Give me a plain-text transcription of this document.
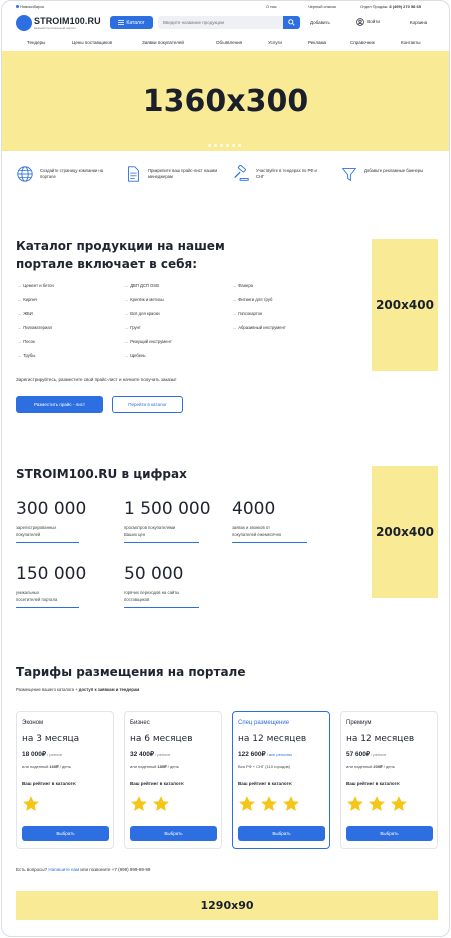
Новосибирск	О нас	Черный список	Отдел Продаж: 8 (499) 270 58 65
STROIM100.RU
важный строительный портал
Каталог
Введите название продукции	Добавить	Войти	Корзина
Тендеры	Цены поставщиков	Заявки покупателей	Объявления	Услуги	Реклама	Справочник	Контакты
1360x300
Создайте страницу компании на портале
Прикрепите ваш прайс-лист нашим менеджерам
Участвуйте в тендерах по РФ и СНГ
Добавьте рекламные баннеры
Каталог продукции на нашем
портале включает в себя:
→ Цемент и бетон
→ Кирпич
→ ЖБИ
→ Пиломатериал
→ Песок
→ Трубы
→ ДВП ДСП OSB
→ Крепёж и метизы
→ Всё для краски
→ Грунт
→ Режущий инструмент
→ Щебень
→ Фанера
→ Фитинги для труб
→ Гипсокартон
→ Абразивный инструмент
Зарегистрируйтесь, разместите свой прайс-лист и начните получать заказы!
Разместить прайс - лист	Перейти в каталог
200x400
STROIM100.RU в цифрах
300 000
зарегистрированных
покупателей
1 500 000
просмотров покупателями
Ваших цен
4000
заявок и звонков от
покупателей ежемесячно
150 000
уникальных
посетителей портала
50 000
горячих переходов на сайты
поставщиков
200x400
Тарифы размещения на портале
Размещение вашего каталога + доступ к заявкам и тендерам
Эконом
на 3 месяца
18 000₽ / регион
или поденный 160₽ / день
Ваш рейтинг в каталоге:
Выбрать
Бизнес
на 6 месяцев
32 400₽ / регион
или поденный 180₽ / день
Ваш рейтинг в каталоге:
Выбрать
Спец размещение
на 12 месяцев
122 600₽ / все регионы
Вся РФ + СНГ (110 городов)
Ваш рейтинг в каталоге:
Выбрать
Премиум
на 12 месяцев
57 600₽ / регион
или поденный 200₽ / день
Ваш рейтинг в каталоге:
Выбрать
Есть вопросы? Напишите нам или позвоните +7 (999) 999-99-99
1290x90
